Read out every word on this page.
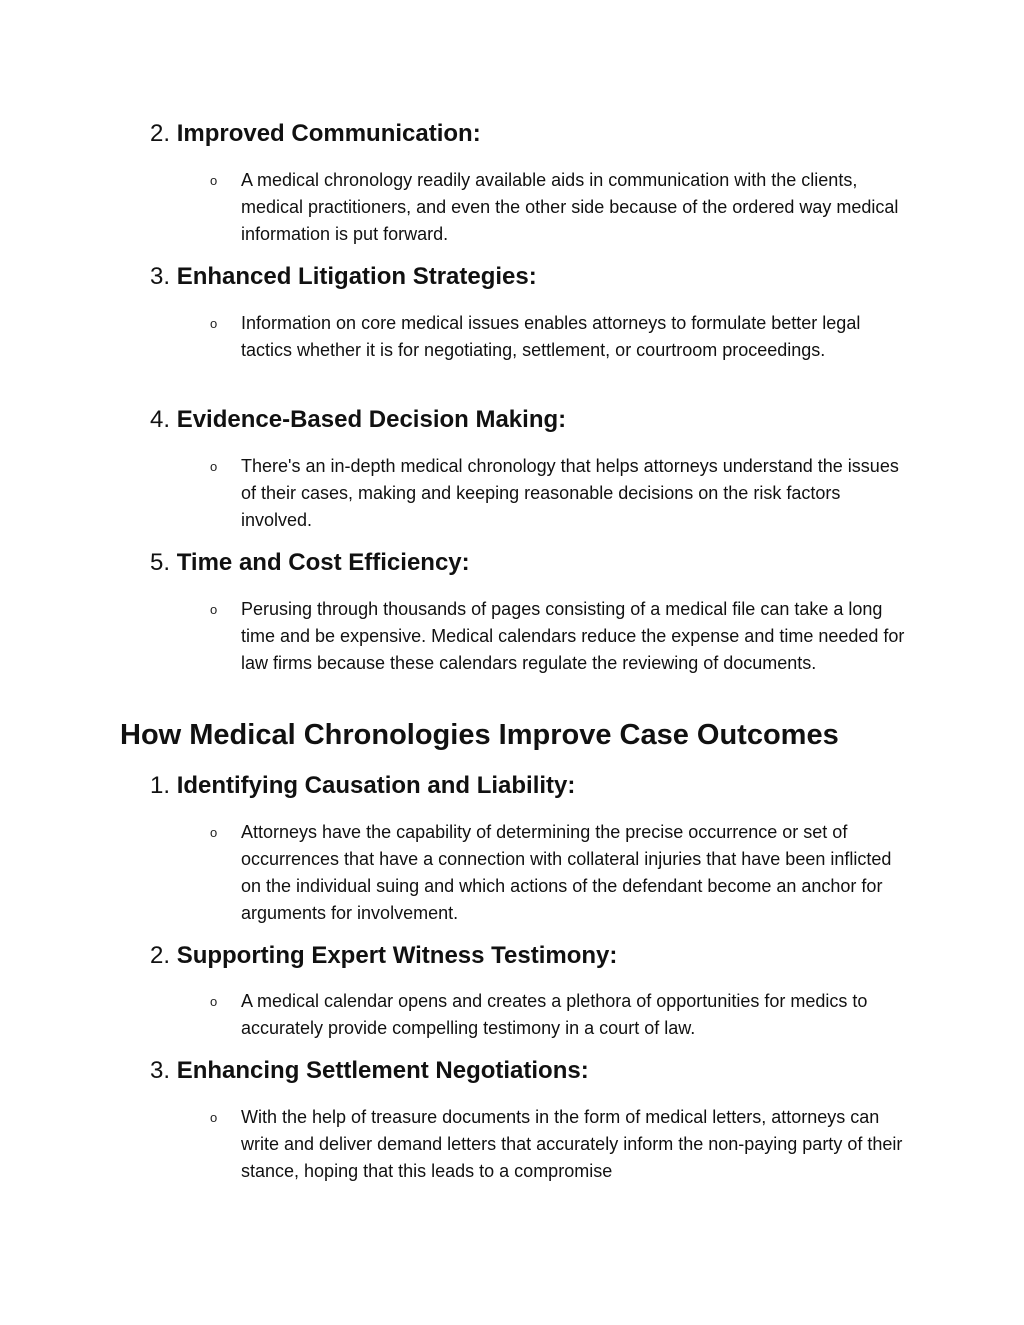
2. Improved Communication:
o A medical chronology readily available aids in communication with the clients, medical practitioners, and even the other side because of the ordered way medical information is put forward.

3. Enhanced Litigation Strategies:
o Information on core medical issues enables attorneys to formulate better legal tactics whether it is for negotiating, settlement, or courtroom proceedings.

4. Evidence-Based Decision Making:
o There's an in-depth medical chronology that helps attorneys understand the issues of their cases, making and keeping reasonable decisions on the risk factors involved.

5. Time and Cost Efficiency:
o Perusing through thousands of pages consisting of a medical file can take a long time and be expensive. Medical calendars reduce the expense and time needed for law firms because these calendars regulate the reviewing of documents.

How Medical Chronologies Improve Case Outcomes
1. Identifying Causation and Liability:
o Attorneys have the capability of determining the precise occurrence or set of occurrences that have a connection with collateral injuries that have been inflicted on the individual suing and which actions of the defendant become an anchor for arguments for involvement.

2. Supporting Expert Witness Testimony:
o A medical calendar opens and creates a plethora of opportunities for medics to accurately provide compelling testimony in a court of law.

3. Enhancing Settlement Negotiations:
o With the help of treasure documents in the form of medical letters, attorneys can write and deliver demand letters that accurately inform the non-paying party of their stance, hoping that this leads to a compromise
